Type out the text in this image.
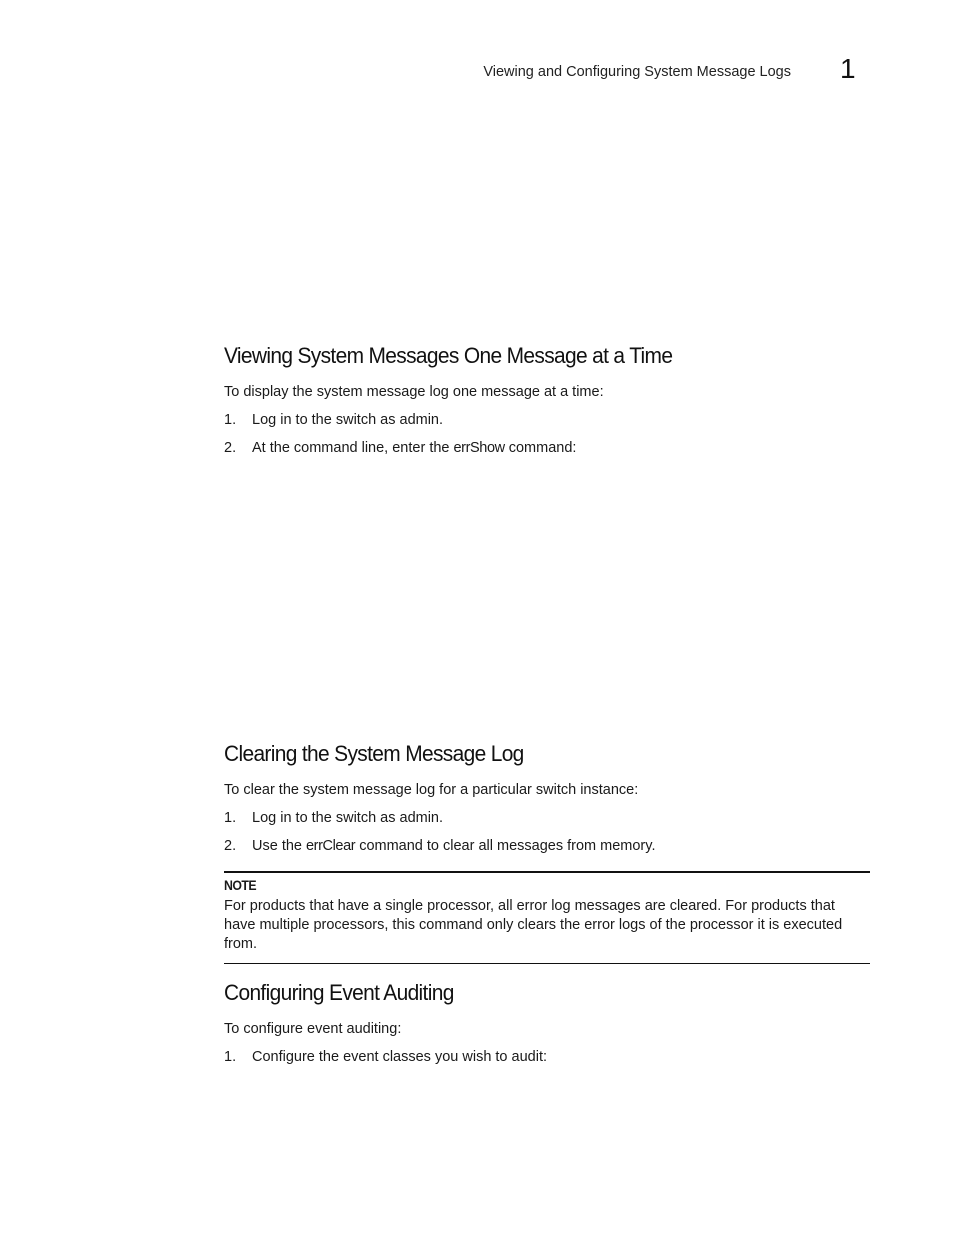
Viewing and Configuring System Message Logs 1
Viewing System Messages One Message at a Time
To display the system message log one message at a time:
1. Log in to the switch as admin.
2. At the command line, enter the errShow command:
Clearing the System Message Log
To clear the system message log for a particular switch instance:
1. Log in to the switch as admin.
2. Use the errClear command to clear all messages from memory.
NOTE
For products that have a single processor, all error log messages are cleared. For products that have multiple processors, this command only clears the error logs of the processor it is executed from.
Configuring Event Auditing
To configure event auditing:
1. Configure the event classes you wish to audit:
